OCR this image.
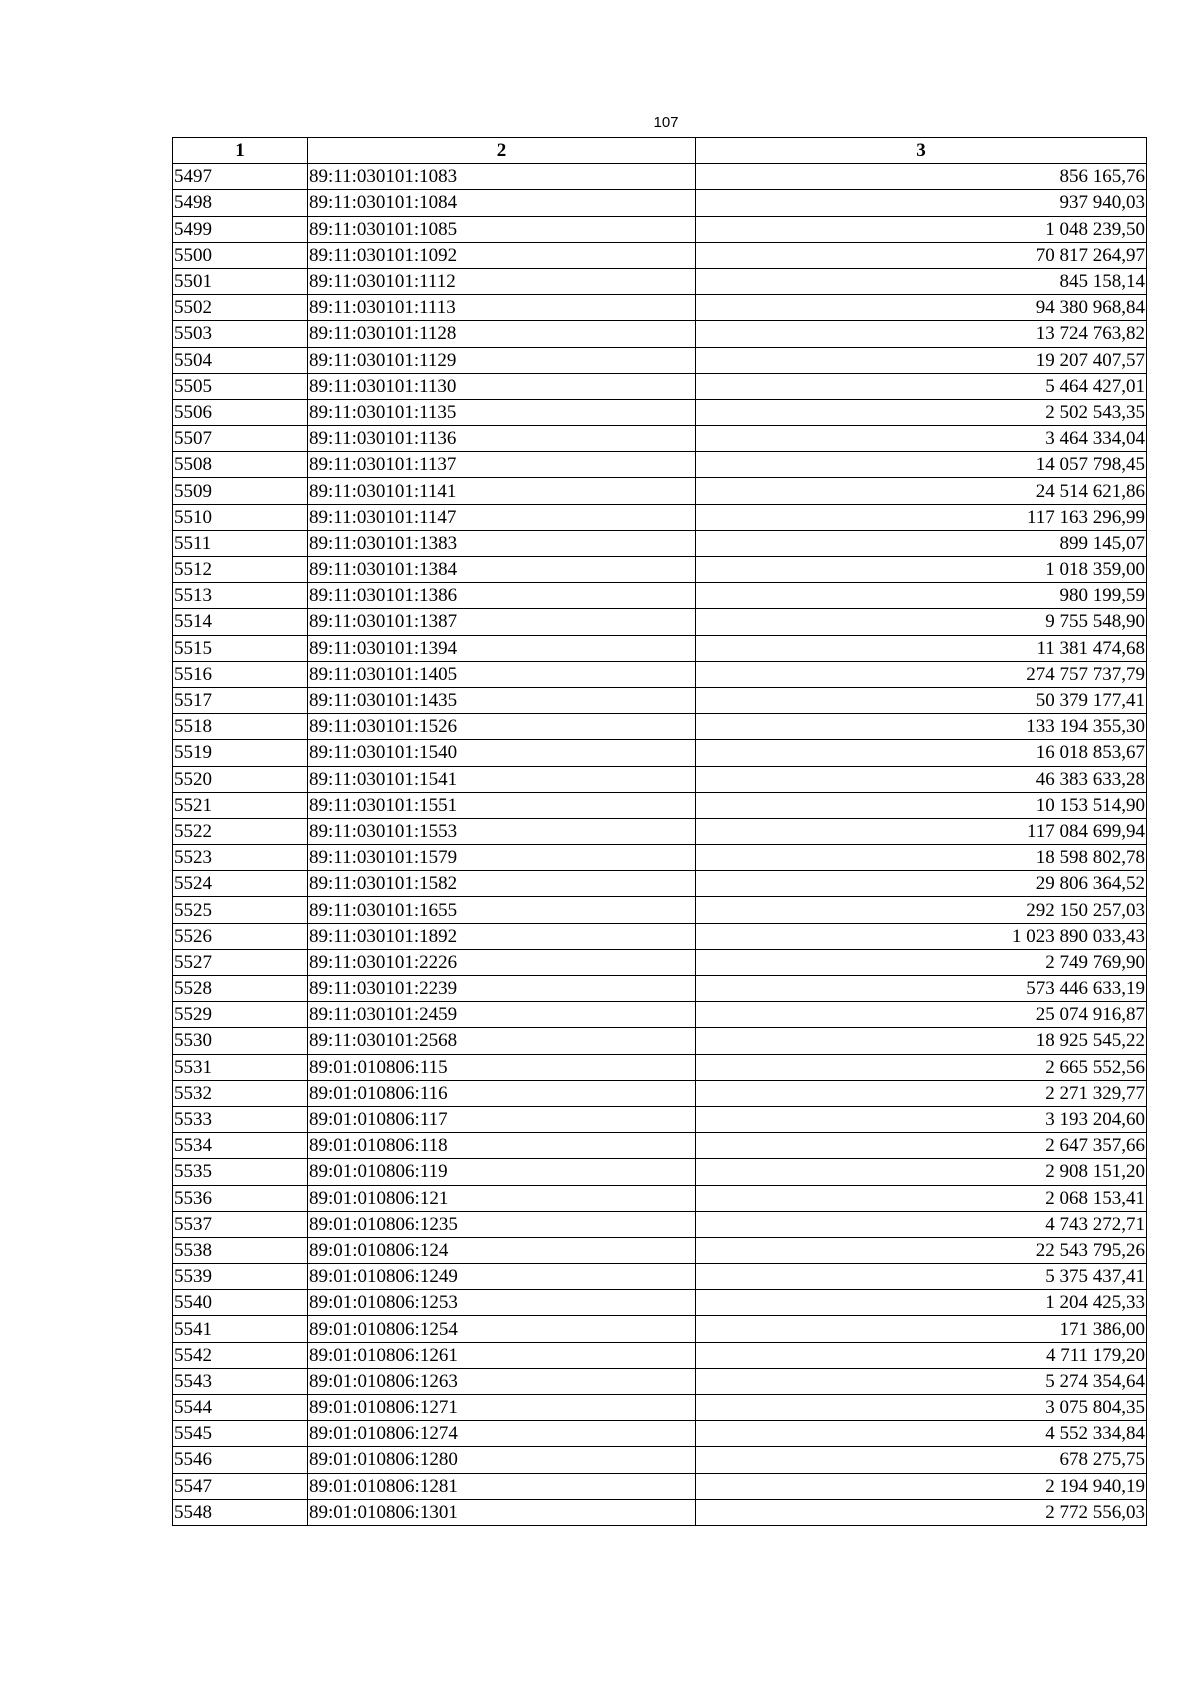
107
1	2	3
5497	89:11:030101:1083	856 165,76
5498	89:11:030101:1084	937 940,03
5499	89:11:030101:1085	1 048 239,50
5500	89:11:030101:1092	70 817 264,97
5501	89:11:030101:1112	845 158,14
5502	89:11:030101:1113	94 380 968,84
5503	89:11:030101:1128	13 724 763,82
5504	89:11:030101:1129	19 207 407,57
5505	89:11:030101:1130	5 464 427,01
5506	89:11:030101:1135	2 502 543,35
5507	89:11:030101:1136	3 464 334,04
5508	89:11:030101:1137	14 057 798,45
5509	89:11:030101:1141	24 514 621,86
5510	89:11:030101:1147	117 163 296,99
5511	89:11:030101:1383	899 145,07
5512	89:11:030101:1384	1 018 359,00
5513	89:11:030101:1386	980 199,59
5514	89:11:030101:1387	9 755 548,90
5515	89:11:030101:1394	11 381 474,68
5516	89:11:030101:1405	274 757 737,79
5517	89:11:030101:1435	50 379 177,41
5518	89:11:030101:1526	133 194 355,30
5519	89:11:030101:1540	16 018 853,67
5520	89:11:030101:1541	46 383 633,28
5521	89:11:030101:1551	10 153 514,90
5522	89:11:030101:1553	117 084 699,94
5523	89:11:030101:1579	18 598 802,78
5524	89:11:030101:1582	29 806 364,52
5525	89:11:030101:1655	292 150 257,03
5526	89:11:030101:1892	1 023 890 033,43
5527	89:11:030101:2226	2 749 769,90
5528	89:11:030101:2239	573 446 633,19
5529	89:11:030101:2459	25 074 916,87
5530	89:11:030101:2568	18 925 545,22
5531	89:01:010806:115	2 665 552,56
5532	89:01:010806:116	2 271 329,77
5533	89:01:010806:117	3 193 204,60
5534	89:01:010806:118	2 647 357,66
5535	89:01:010806:119	2 908 151,20
5536	89:01:010806:121	2 068 153,41
5537	89:01:010806:1235	4 743 272,71
5538	89:01:010806:124	22 543 795,26
5539	89:01:010806:1249	5 375 437,41
5540	89:01:010806:1253	1 204 425,33
5541	89:01:010806:1254	171 386,00
5542	89:01:010806:1261	4 711 179,20
5543	89:01:010806:1263	5 274 354,64
5544	89:01:010806:1271	3 075 804,35
5545	89:01:010806:1274	4 552 334,84
5546	89:01:010806:1280	678 275,75
5547	89:01:010806:1281	2 194 940,19
5548	89:01:010806:1301	2 772 556,03
